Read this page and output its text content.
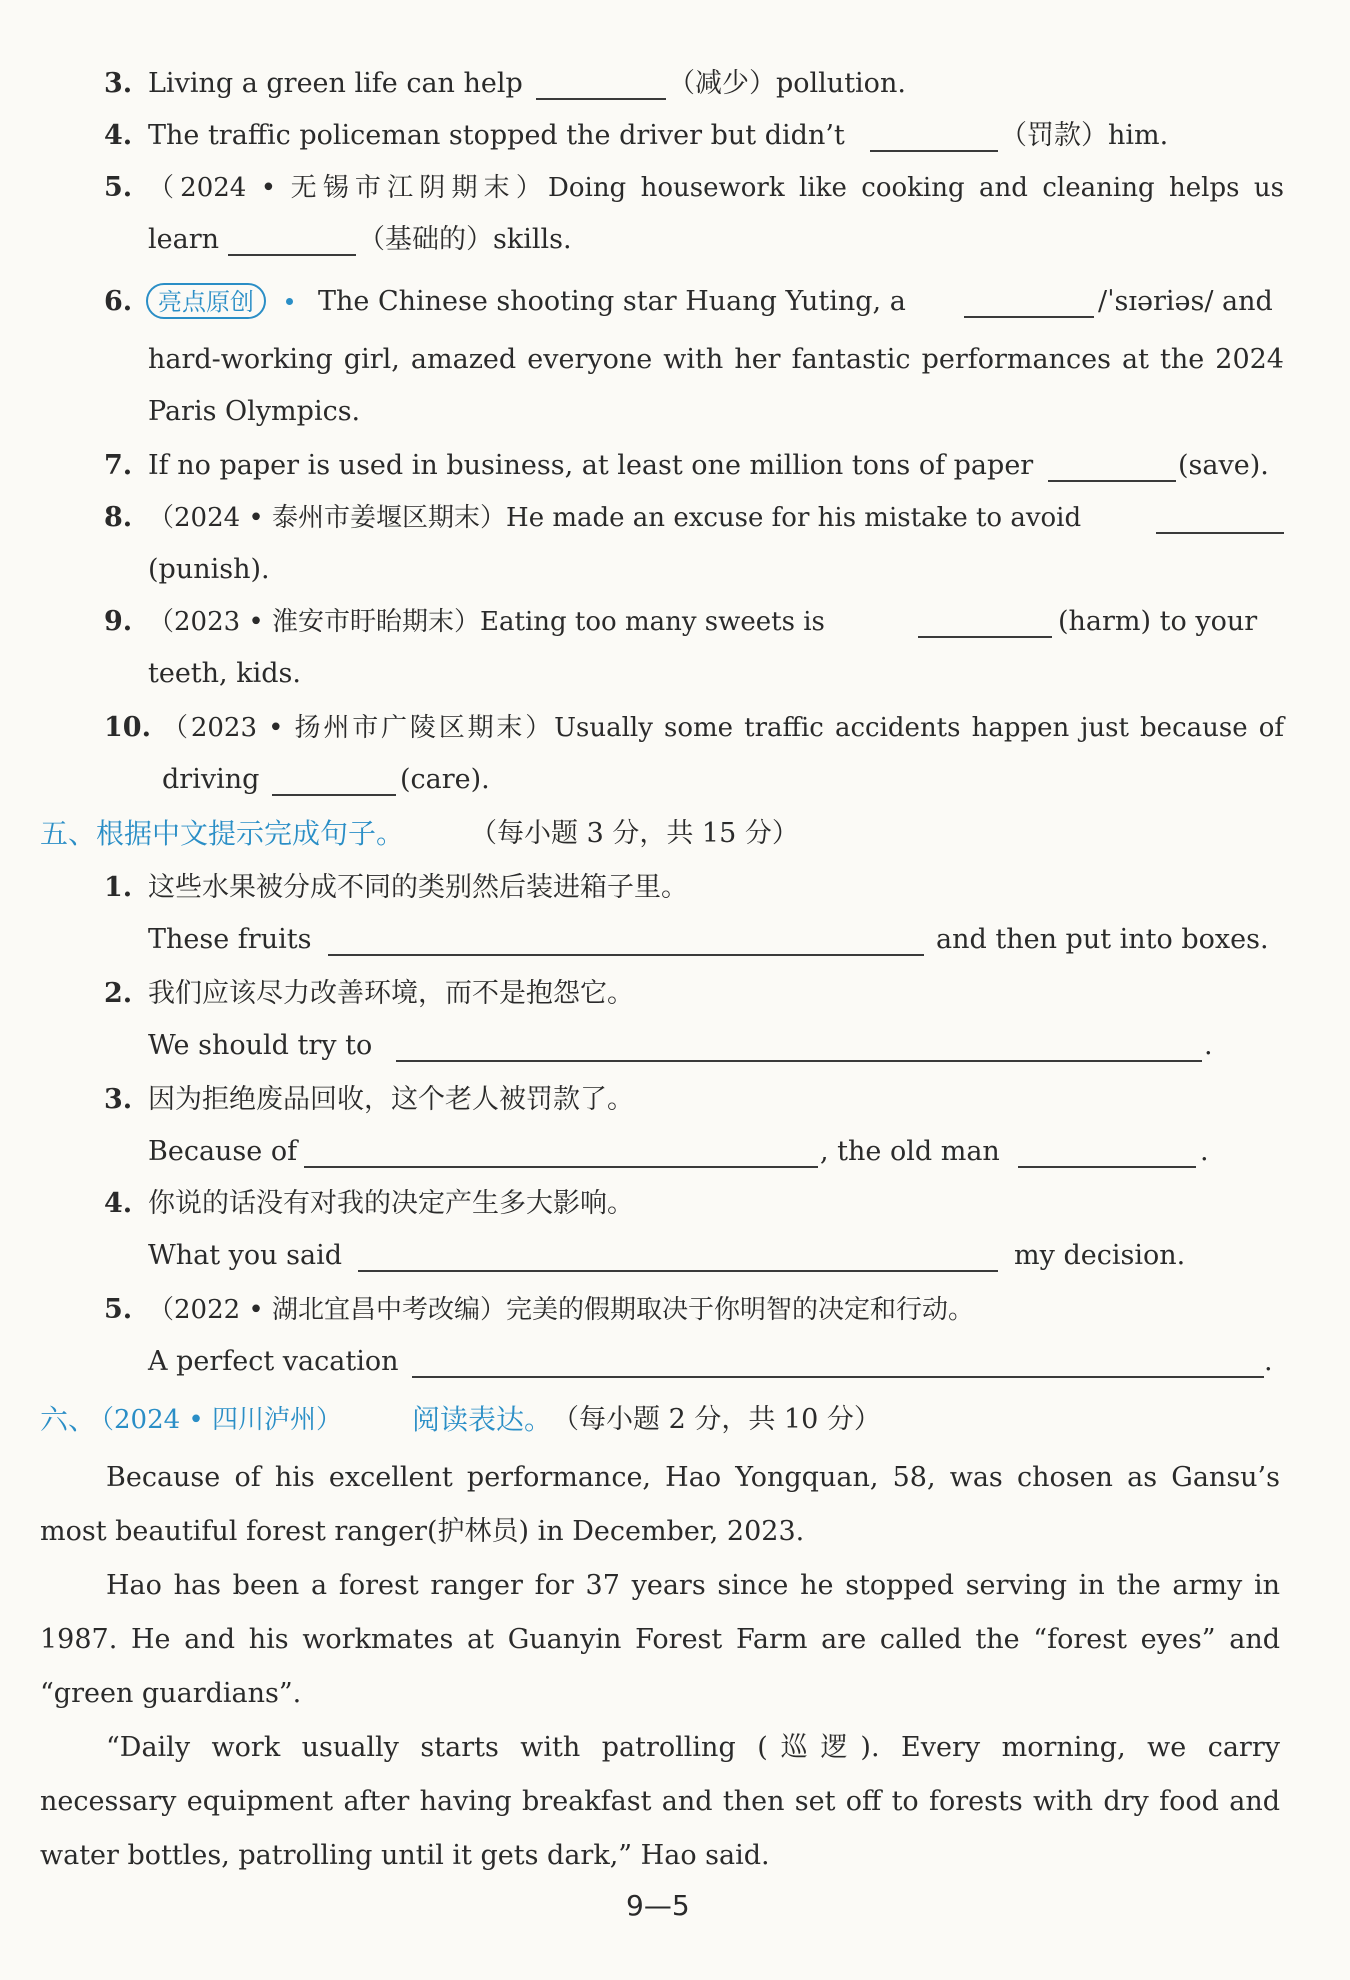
3. Living a green life can help	（减少）pollution.
4. The traffic policeman stopped the driver but didn’t	（罚款）him.
5. （2024 • 无锡市江阴期末）Doing housework like cooking and cleaning helps us
learn	（基础的）skills.
6.	亮点原创	The Chinese shooting star Huang Yuting, a	/ˈsɪəriəs/ and
hard-working girl, amazed everyone with her fantastic performances at the 2024
Paris Olympics.
7. If no paper is used in business, at least one million tons of paper	(save).
8. （2024 • 泰州市姜堰区期末）He made an excuse for his mistake to avoid
(punish).
9. （2023 • 淮安市盱眙期末）Eating too many sweets is	(harm) to your
teeth, kids.
10. （2023 • 扬州市广陵区期末）Usually some traffic accidents happen just because of
driving	(care).
五、根据中文提示完成句子。 （每小题 3 分，共 15 分）
1. 这些水果被分成不同的类别然后装进箱子里。
These fruits	and then put into boxes.
2. 我们应该尽力改善环境，而不是抱怨它。
We should try to	.
3. 因为拒绝废品回收，这个老人被罚款了。
Because of	, the old man	.
4. 你说的话没有对我的决定产生多大影响。
What you said	my decision.
5. （2022 • 湖北宜昌中考改编）完美的假期取决于你明智的决定和行动。
A perfect vacation	.
六、
（2024 • 四川泸州） 阅读表达。 （每小题 2 分，共 10 分）
Because of his excellent performance, Hao Yongquan, 58, was chosen as Gansu’s
most beautiful forest ranger(护林员) in December, 2023.
Hao has been a forest ranger for 37 years since he stopped serving in the army in
1987. He and his workmates at Guanyin Forest Farm are called the “forest eyes” and
“green guardians”.
“Daily work usually starts with patrolling (巡逻). Every morning, we carry
necessary equipment after having breakfast and then set off to forests with dry food and
water bottles, patrolling until it gets dark,” Hao said.
9—5
